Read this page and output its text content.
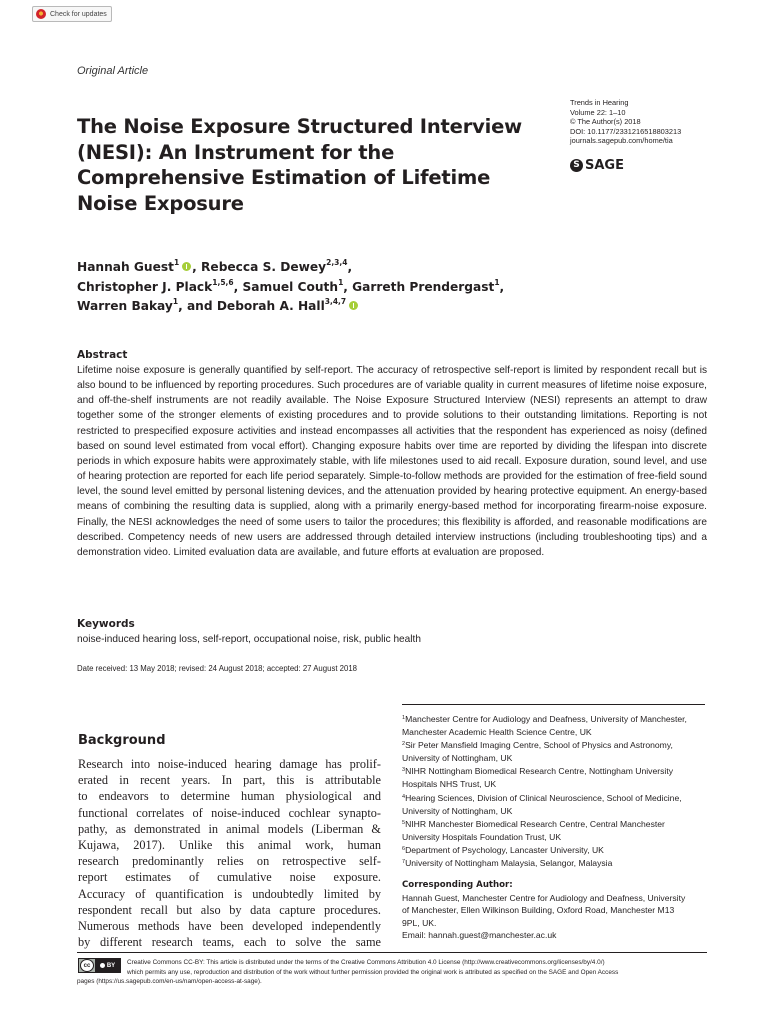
Check for updates
Original Article
The Noise Exposure Structured Interview
(NESI): An Instrument for the
Comprehensive Estimation of Lifetime
Noise Exposure
Trends in Hearing
Volume 22: 1–10
© The Author(s) 2018
DOI: 10.1177/2331216518803213
journals.sagepub.com/home/tia
S SAGE
Hannah Guest$^1$ , Rebecca S. Dewey$^{2,3,4}$,
Christopher J. Plack$^{1,5,6}$, Samuel Couth$^1$, Garreth Prendergast$^1$,
Warren Bakay$^1$, and Deborah A. Hall$^{3,4,7}$
Abstract

Lifetime noise exposure is generally quantified by self-report. The accuracy of retrospective self-report is limited by respondent recall but is also bound to be influenced by reporting procedures. Such procedures are of variable quality in current measures of lifetime noise exposure, and off-the-shelf instruments are not readily available. The Noise Exposure Structured Interview (NESI) represents an attempt to draw together some of the stronger elements of existing procedures and to provide solutions to their outstanding limitations. Reporting is not restricted to prespecified exposure activities and instead encompasses all activities that the respondent has experienced as noisy (defined based on sound level estimated from vocal effort). Changing exposure habits over time are reported by dividing the lifespan into discrete periods in which exposure habits were approximately stable, with life milestones used to aid recall. Exposure duration, sound level, and use of hearing protection are reported for each life period separately. Simple-to-follow methods are provided for the estimation of free-field sound level, the sound level emitted by personal listening devices, and the attenuation provided by hearing protective equipment. An energy-based means of combining the resulting data is supplied, along with a primarily energy-based method for incorporating firearm-noise exposure. Finally, the NESI acknowledges the need of some users to tailor the procedures; this flexibility is afforded, and reasonable modifications are described. Competency needs of new users are addressed through detailed interview instructions (including troubleshooting tips) and a demonstration video. Limited evaluation data are available, and future efforts at evaluation are proposed.

Keywords

noise-induced hearing loss, self-report, occupational noise, risk, public health

Date received: 13 May 2018; revised: 24 August 2018; accepted: 27 August 2018

Background
Research into noise-induced hearing damage has prolif-
erated in recent years. In part, this is attributable
to endeavors to determine human physiological and
functional correlates of noise-induced cochlear synapto-
pathy, as demonstrated in animal models (Liberman &
Kujawa, 2017). Unlike this animal work, human
research predominantly relies on retrospective self-
report estimates of cumulative noise exposure.
Accuracy of quantification is undoubtedly limited by
respondent recall but also by data capture procedures.
Numerous methods have been developed independently
by different research teams, each to solve the same
$^1$Manchester Centre for Audiology and Deafness, University of Manchester,
Manchester Academic Health Science Centre, UK
$^2$Sir Peter Mansfield Imaging Centre, School of Physics and Astronomy,
University of Nottingham, UK
$^3$NIHR Nottingham Biomedical Research Centre, Nottingham University
Hospitals NHS Trust, UK
$^4$Hearing Sciences, Division of Clinical Neuroscience, School of Medicine,
University of Nottingham, UK
$^5$NIHR Manchester Biomedical Research Centre, Central Manchester
University Hospitals Foundation Trust, UK
$^6$Department of Psychology, Lancaster University, UK
$^7$University of Nottingham Malaysia, Selangor, Malaysia
Corresponding Author:
Hannah Guest, Manchester Centre for Audiology and Deafness, University
of Manchester, Ellen Wilkinson Building, Oxford Road, Manchester M13
9PL, UK.
Email: hannah.guest@manchester.ac.uk
cc	BY	Creative Commons CC-BY: This article is distributed under the terms of the Creative Commons Attribution 4.0 License (http://www.creativecommons.org/licenses/by/4.0/)
which permits any use, reproduction and distribution of the work without further permission provided the original work is attributed as specified on the SAGE and Open Access
pages (https://us.sagepub.com/en-us/nam/open-access-at-sage).
